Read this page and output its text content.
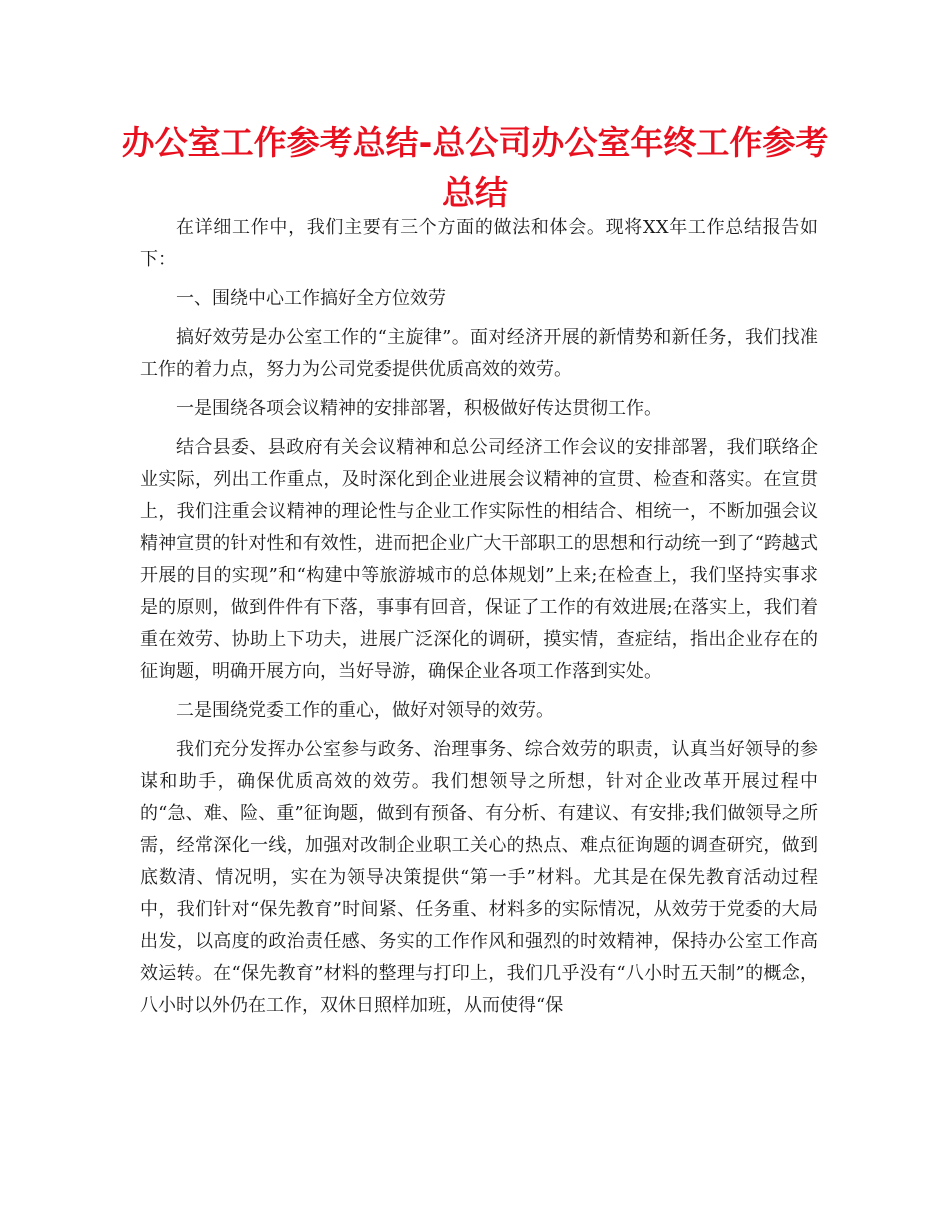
办公室工作参考总结-总公司办公室年终工作参考总结

在详细工作中，我们主要有三个方面的做法和体会。现将XX年工作总结报告如下：

一、围绕中心工作搞好全方位效劳

搞好效劳是办公室工作的“主旋律”。面对经济开展的新情势和新任务，我们找准工作的着力点，努力为公司党委提供优质高效的效劳。

一是围绕各项会议精神的安排部署，积极做好传达贯彻工作。

结合县委、县政府有关会议精神和总公司经济工作会议的安排部署，我们联络企业实际，列出工作重点，及时深化到企业进展会议精神的宣贯、检查和落实。在宣贯上，我们注重会议精神的理论性与企业工作实际性的相结合、相统一，不断加强会议精神宣贯的针对性和有效性，进而把企业广大干部职工的思想和行动统一到了“跨越式开展的目的实现”和“构建中等旅游城市的总体规划”上来;在检查上，我们坚持实事求是的原则，做到件件有下落，事事有回音，保证了工作的有效进展;在落实上，我们着重在效劳、协助上下功夫，进展广泛深化的调研，摸实情，查症结，指出企业存在的征询题，明确开展方向，当好导游，确保企业各项工作落到实处。

二是围绕党委工作的重心，做好对领导的效劳。

我们充分发挥办公室参与政务、治理事务、综合效劳的职责，认真当好领导的参谋和助手，确保优质高效的效劳。我们想领导之所想，针对企业改革开展过程中的“急、难、险、重”征询题，做到有预备、有分析、有建议、有安排;我们做领导之所需，经常深化一线，加强对改制企业职工关心的热点、难点征询题的调查研究，做到底数清、情况明，实在为领导决策提供“第一手”材料。尤其是在保先教育活动过程中，我们针对“保先教育”时间紧、任务重、材料多的实际情况，从效劳于党委的大局出发，以高度的政治责任感、务实的工作作风和强烈的时效精神，保持办公室工作高效运转。在“保先教育”材料的整理与打印上，我们几乎没有“八小时五天制”的概念，八小时以外仍在工作，双休日照样加班，从而使得“保
